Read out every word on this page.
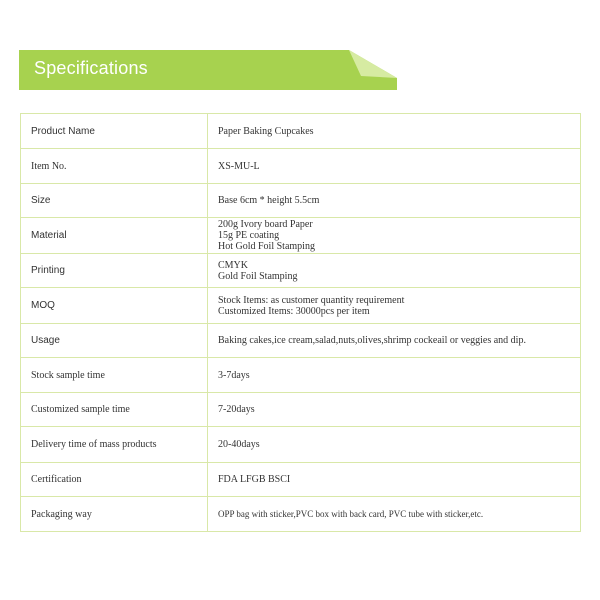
Specifications
Product Name	Paper Baking Cupcakes

Item No.	XS-MU-L

Size	Base 6cm * height 5.5cm

Material	200g Ivory board Paper
15g PE coating
Hot Gold Foil Stamping

Printing	CMYK
Gold Foil Stamping

MOQ	Stock Items: as customer quantity requirement
Customized Items: 30000pcs per item

Usage	Baking cakes,ice cream,salad,nuts,olives,shrimp cockeail or veggies and dip.

Stock sample time	3-7days

Customized sample time	7-20days

Delivery time of mass products	20-40days

Certification	FDA LFGB BSCI

Packaging way	OPP bag with sticker,PVC box with back card, PVC tube with sticker,etc.
